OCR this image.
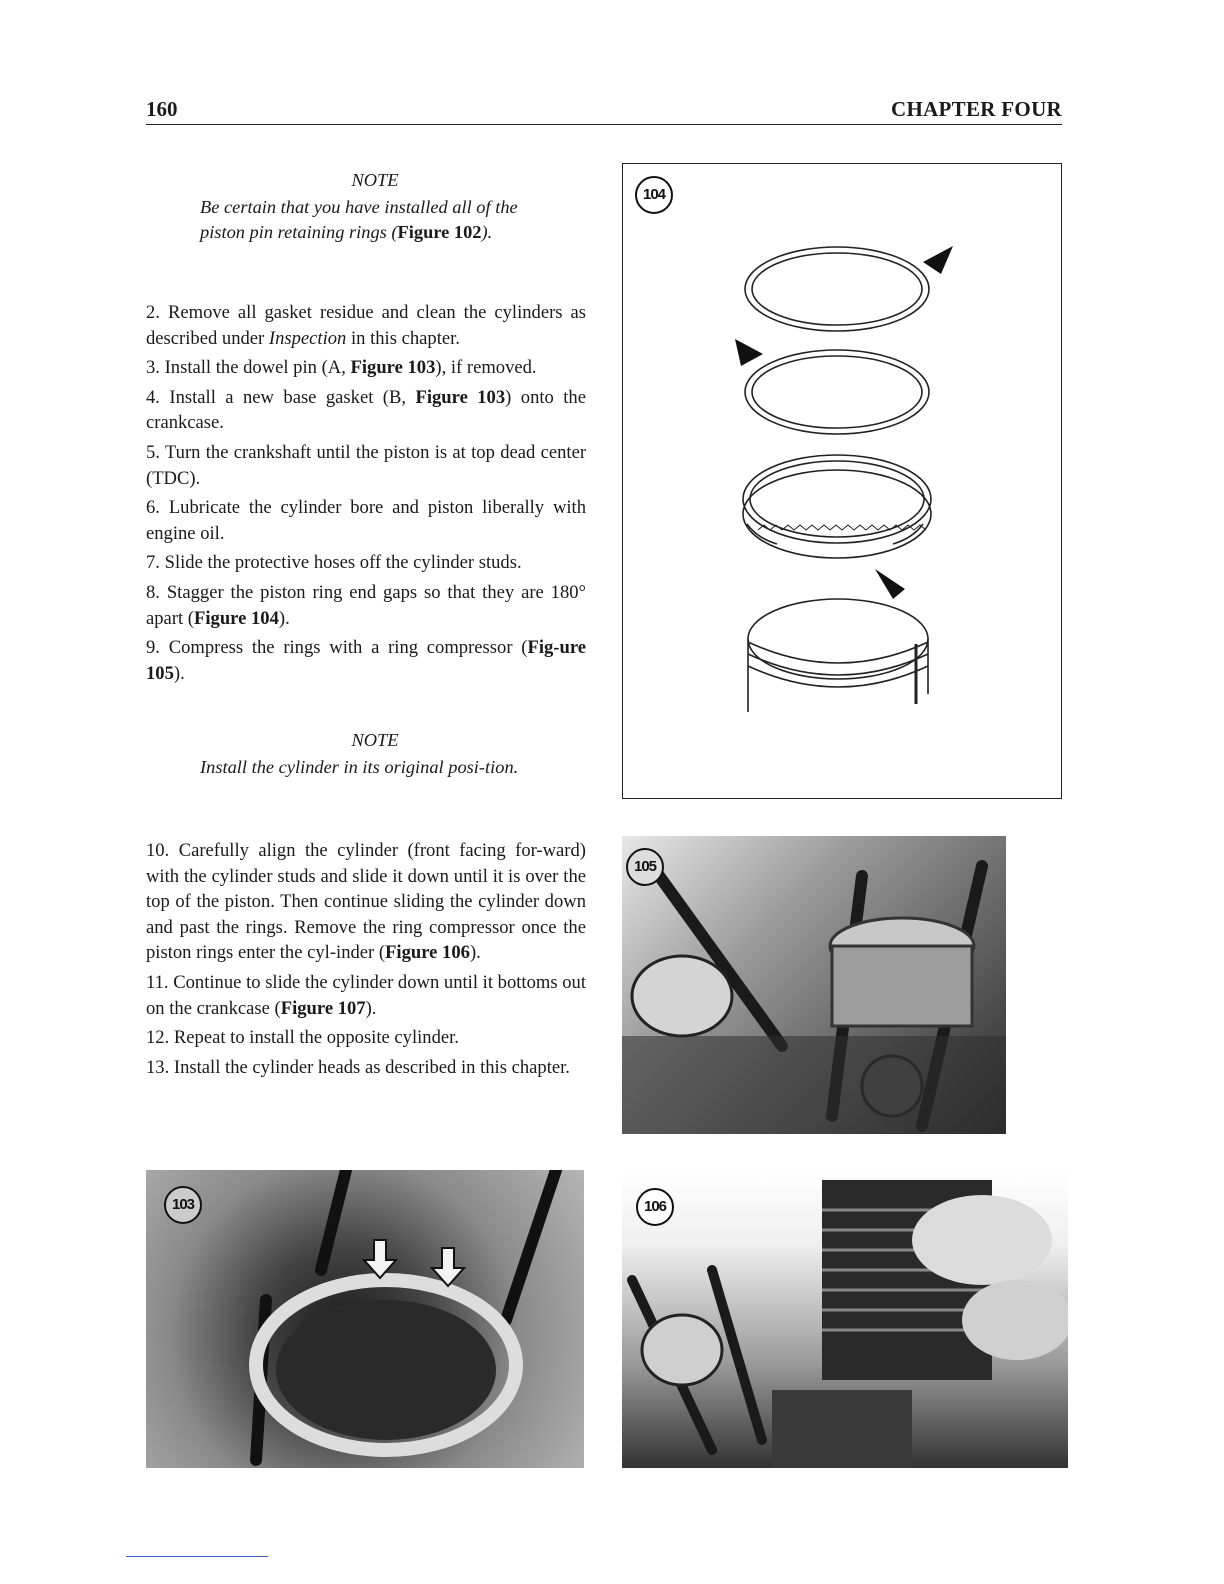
160	CHAPTER FOUR
NOTE
Be certain that you have installed all of the piston pin retaining rings (Figure 102).

2. Remove all gasket residue and clean the cylinders as described under Inspection in this chapter.

3. Install the dowel pin (A, Figure 103), if removed.

4. Install a new base gasket (B, Figure 103) onto the crankcase.

5. Turn the crankshaft until the piston is at top dead center (TDC).

6. Lubricate the cylinder bore and piston liberally with engine oil.

7. Slide the protective hoses off the cylinder studs.

8. Stagger the piston ring end gaps so that they are 180° apart (Figure 104).

9. Compress the rings with a ring compressor (Fig-ure 105).

NOTE
Install the cylinder in its original posi-tion.

10. Carefully align the cylinder (front facing for-ward) with the cylinder studs and slide it down until it is over the top of the piston. Then continue sliding the cylinder down and past the rings. Remove the ring compressor once the piston rings enter the cyl-inder (Figure 106).

11. Continue to slide the cylinder down until it bottoms out on the crankcase (Figure 107).

12. Repeat to install the opposite cylinder.

13. Install the cylinder heads as described in this chapter.

104
105
103	106
